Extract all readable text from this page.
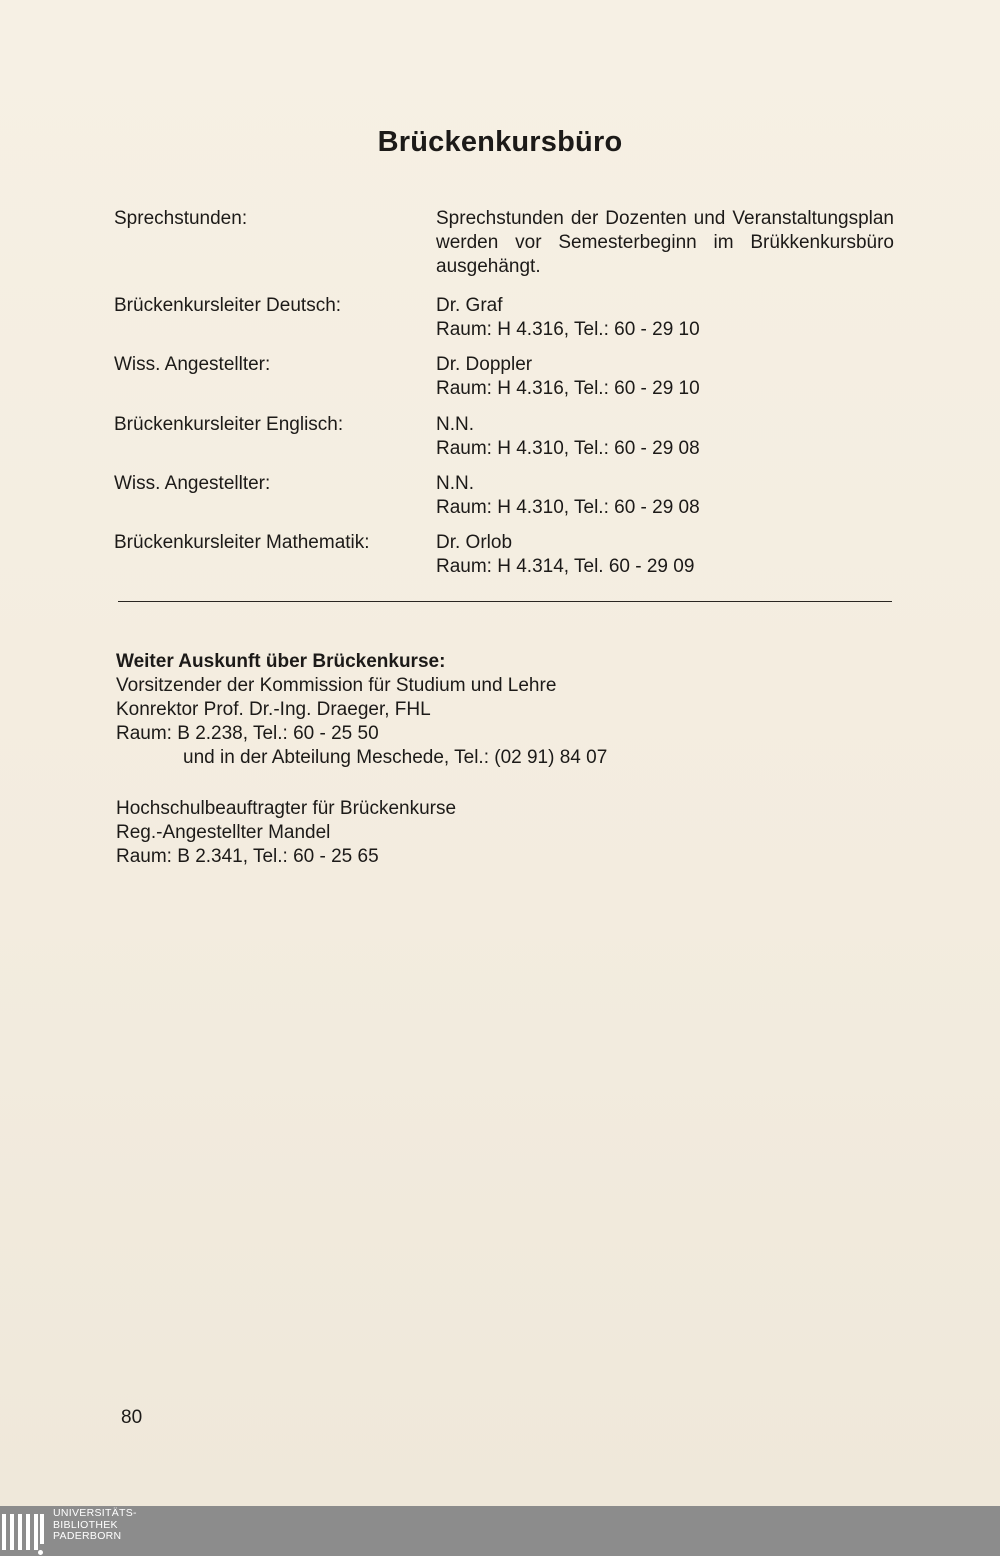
Brückenkursbüro
Sprechstunden:	Sprechstunden der Dozenten und Veranstaltungsplan werden vor Semesterbeginn im Brükkenkursbüro ausgehängt.
Brückenkursleiter Deutsch:	Dr. Graf
Raum: H 4.316, Tel.: 60 - 29 10
Wiss. Angestellter:	Dr. Doppler
Raum: H 4.316, Tel.: 60 - 29 10
Brückenkursleiter Englisch:	N.N.
Raum: H 4.310, Tel.: 60 - 29 08
Wiss. Angestellter:	N.N.
Raum: H 4.310, Tel.: 60 - 29 08
Brückenkursleiter Mathematik:	Dr. Orlob
Raum: H 4.314, Tel. 60 - 29 09
Weiter Auskunft über Brückenkurse:
Vorsitzender der Kommission für Studium und Lehre
Konrektor Prof. Dr.-Ing. Draeger, FHL
Raum: B 2.238, Tel.: 60 - 25 50
und in der Abteilung Meschede, Tel.: (02 91) 84 07
Hochschulbeauftragter für Brückenkurse
Reg.-Angestellter Mandel
Raum: B 2.341, Tel.: 60 - 25 65
80
UNIVERSITÄTS-
BIBLIOTHEK
PADERBORN
